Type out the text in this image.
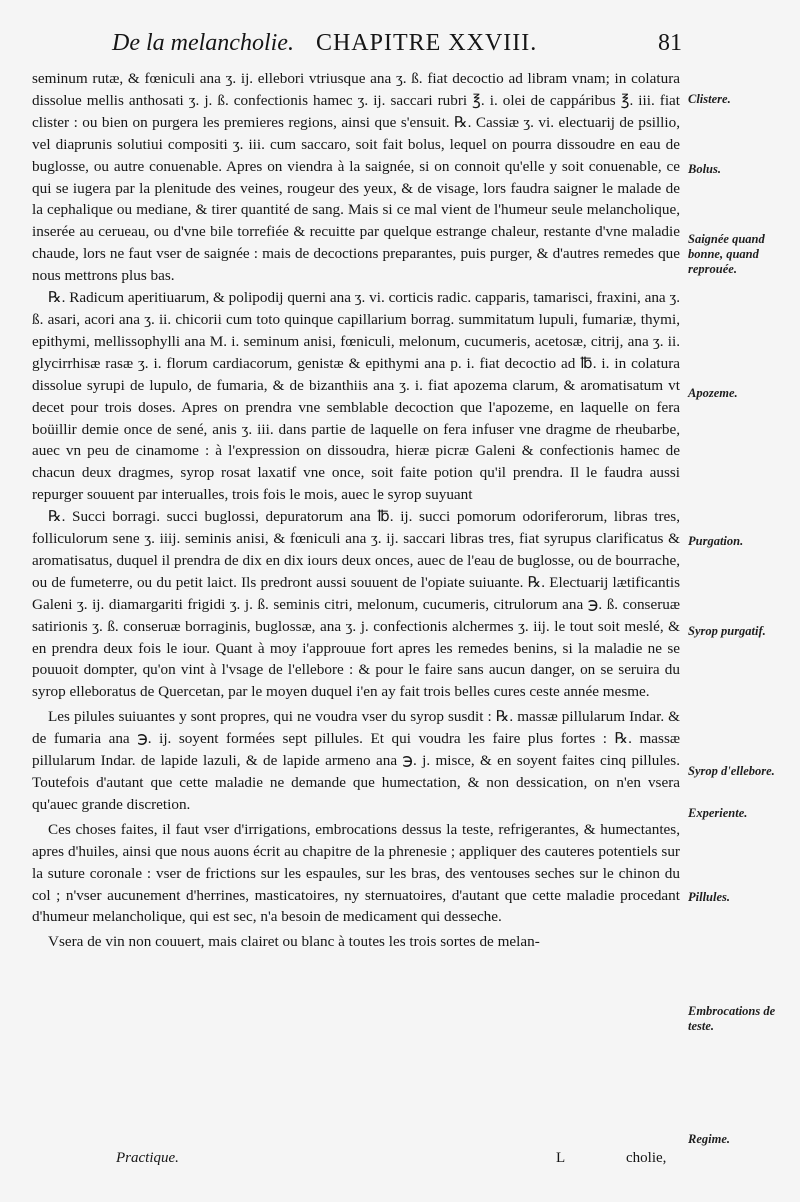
De la melancholie. CHAPITRE XXVIII.	81

seminum rutæ, & fœniculi ana ʒ. ij. ellebori vtriusque ana ʒ. ß. fiat decoctio ad libram vnam; in colatura dissolue mellis anthosati ʒ. j. ß. confectionis hamec ʒ. ij. saccari rubri ℥. i. olei de cappáribus ℥. iii. fiat clister : ou bien on purgera les premieres regions, ainsi que s'ensuit. ℞. Cassiæ ʒ. vi. electuarij de psillio, vel diaprunis solutiui compositi ʒ. iii. cum saccaro, soit fait bolus, lequel on pourra dissoudre en eau de buglosse, ou autre conuenable. Apres on viendra à la saignée, si on connoit qu'elle y soit conuenable, ce qui se iugera par la plenitude des veines, rougeur des yeux, & de visage, lors faudra saigner le malade de la cephalique ou mediane, & tirer quantité de sang. Mais si ce mal vient de l'humeur seule melancholique, inserée au cerueau, ou d'vne bile torrefiée & recuitte par quelque estrange chaleur, restante d'vne maladie chaude, lors ne faut vser de saignée : mais de decoctions preparantes, puis purger, & d'autres remedes que nous mettrons plus bas.

℞. Radicum aperitiuarum, & polipodij querni ana ʒ. vi. corticis radic. capparis, tamarisci, fraxini, ana ʒ. ß. asari, acori ana ʒ. ii. chicorii cum toto quinque capillarium borrag. summitatum lupuli, fumariæ, thymi, epithymi, mellissophylli ana M. i. seminum anisi, fœniculi, melonum, cucumeris, acetosæ, citrij, ana ʒ. ii. glycirrhisæ rasæ ʒ. i. florum cardiacorum, genistæ & epithymi ana p. i. fiat decoctio ad ℔. i. in colatura dissolue syrupi de lupulo, de fumaria, & de bizanthiis ana ʒ. i. fiat apozema clarum, & aromatisatum vt decet pour trois doses. Apres on prendra vne semblable decoction que l'apozeme, en laquelle on fera boüillir demie once de sené, anis ʒ. iii. dans partie de laquelle on fera infuser vne dragme de rheubarbe, auec vn peu de cinamome : à l'expression on dissoudra, hieræ picræ Galeni & confectionis hamec de chacun deux dragmes, syrop rosat laxatif vne once, soit faite potion qu'il prendra. Il le faudra aussi repurger souuent par interualles, trois fois le mois, auec le syrop suyuant

℞. Succi borragi. succi buglossi, depuratorum ana ℔. ij. succi pomorum odoriferorum, libras tres, folliculorum sene ʒ. iiij. seminis anisi, & fœniculi ana ʒ. ij. saccari libras tres, fiat syrupus clarificatus & aromatisatus, duquel il prendra de dix en dix iours deux onces, auec de l'eau de buglosse, ou de bourrache, ou de fumeterre, ou du petit laict. Ils predront aussi souuent de l'opiate suiuante. ℞. Electuarij lætificantis Galeni ʒ. ij. diamargariti frigidi ʒ. j. ß. seminis citri, melonum, cucumeris, citrulorum ana ℈. ß. conseruæ satirionis ʒ. ß. conseruæ borraginis, buglossæ, ana ʒ. j. confectionis alchermes ʒ. iij. le tout soit meslé, & en prendra deux fois le iour. Quant à moy i'approuue fort apres les remedes benins, si la maladie ne se pouuoit dompter, qu'on vint à l'vsage de l'ellebore : & pour le faire sans aucun danger, on se seruira du syrop elleboratus de Quercetan, par le moyen duquel i'en ay fait trois belles cures ceste année mesme.

Les pilules suiuantes y sont propres, qui ne voudra vser du syrop susdit : ℞. massæ pillularum Indar. & de fumaria ana ℈. ij. soyent formées sept pillules. Et qui voudra les faire plus fortes : ℞. massæ pillularum Indar. de lapide lazuli, & de lapide armeno ana ℈. j. misce, & en soyent faites cinq pillules. Toutefois d'autant que cette maladie ne demande que humectation, & non dessication, on n'en vsera qu'auec grande discretion.

Ces choses faites, il faut vser d'irrigations, embrocations dessus la teste, refrigerantes, & humectantes, apres d'huiles, ainsi que nous auons écrit au chapitre de la phrenesie ; appliquer des cauteres potentiels sur la suture coronale : vser de frictions sur les espaules, sur les bras, des ventouses seches sur le chinon du col ; n'vser aucunement d'herrines, masticatoires, ny sternuatoires, d'autant que cette maladie procedant d'humeur melancholique, qui est sec, n'a besoin de medicament qui desseche.

Vsera de vin non couuert, mais clairet ou blanc à toutes les trois sortes de melan-

Clistere.
Bolus.
Saignée quand bonne, quand reprouée.
Apozeme.
Purgation.
Syrop purgatif.
Syrop d'ellebore.
Experiente.
Pillules.
Embrocations de teste.
Regime.
Practique.	L	cholie,
